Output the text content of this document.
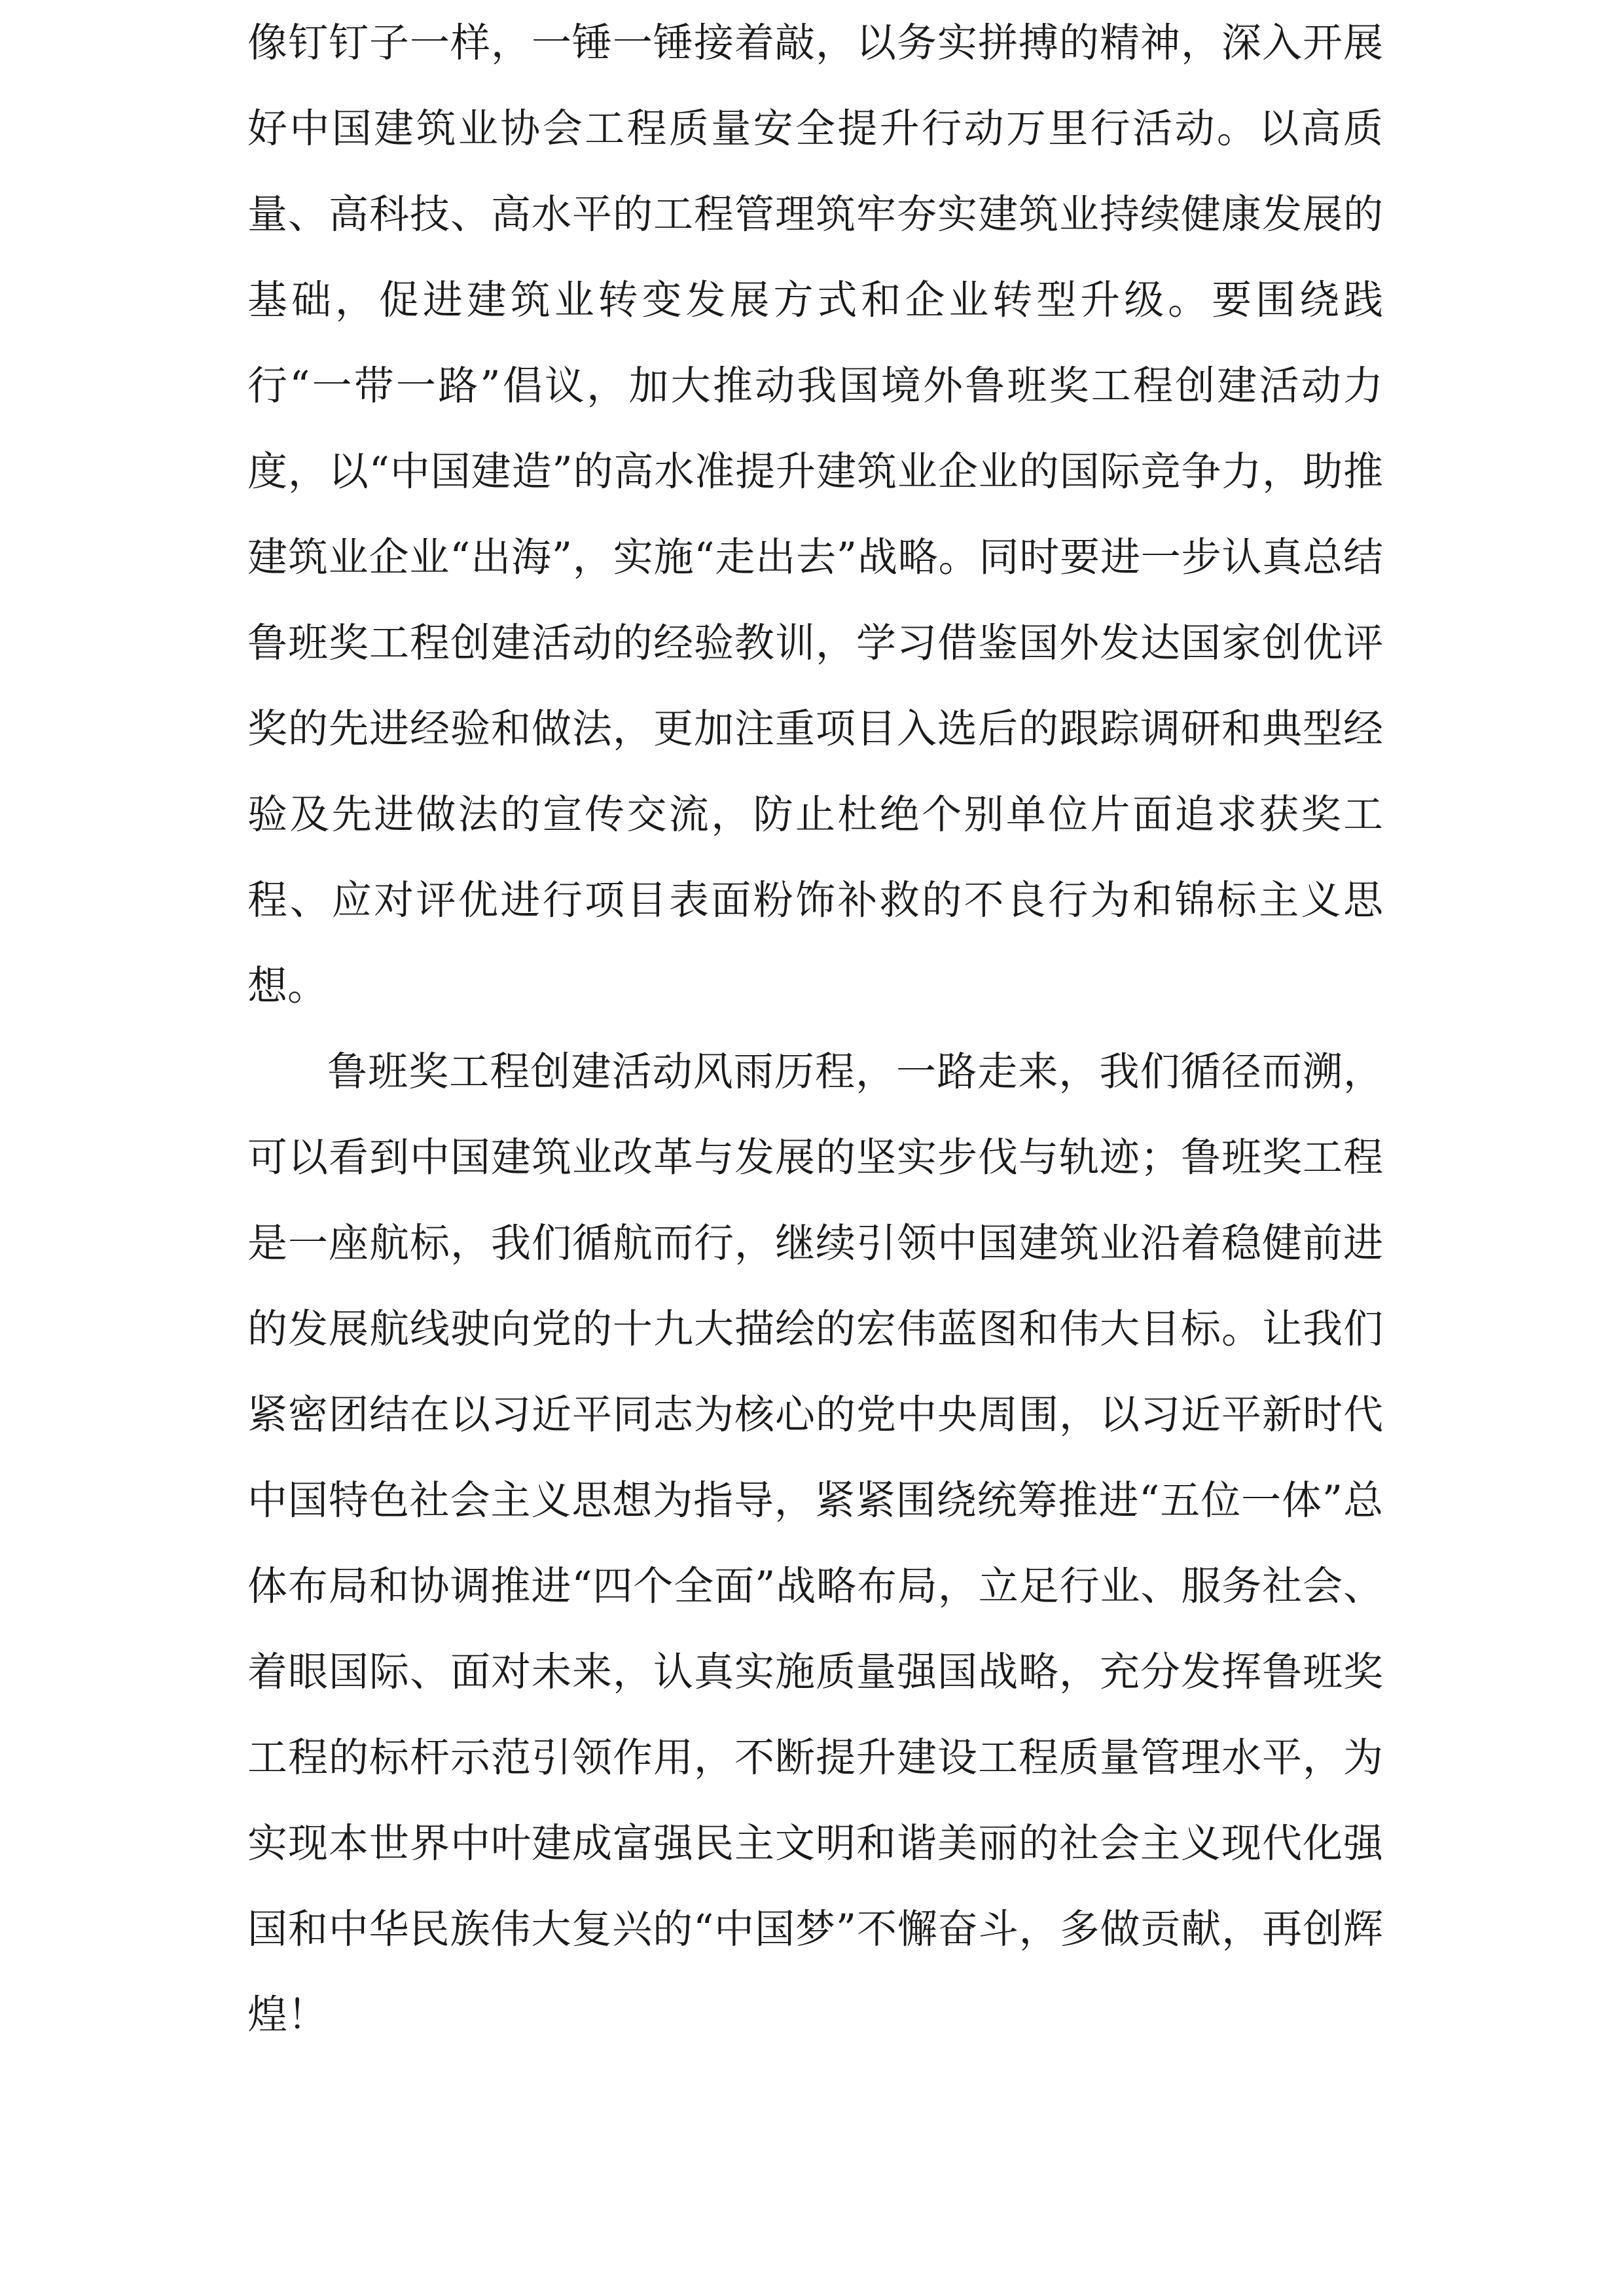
像钉钉子一样，一锤一锤接着敲，以务实拼搏的精神，深入开展好中国建筑业协会工程质量安全提升行动万里行活动。以高质量、高科技、高水平的工程管理筑牢夯实建筑业持续健康发展的基础，促进建筑业转变发展方式和企业转型升级。要围绕践行“一带一路”倡议，加大推动我国境外鲁班奖工程创建活动力度，以“中国建造”的高水准提升建筑业企业的国际竞争力，助推建筑业企业“出海”，实施“走出去”战略。同时要进一步认真总结鲁班奖工程创建活动的经验教训，学习借鉴国外发达国家创优评奖的先进经验和做法，更加注重项目入选后的跟踪调研和典型经验及先进做法的宣传交流，防止杜绝个别单位片面追求获奖工程、应对评优进行项目表面粉饰补救的不良行为和锦标主义思想。

鲁班奖工程创建活动风雨历程，一路走来，我们循径而溯，可以看到中国建筑业改革与发展的坚实步伐与轨迹；鲁班奖工程是一座航标，我们循航而行，继续引领中国建筑业沿着稳健前进的发展航线驶向党的十九大描绘的宏伟蓝图和伟大目标。让我们紧密团结在以习近平同志为核心的党中央周围，以习近平新时代中国特色社会主义思想为指导，紧紧围绕统筹推进“五位一体”总体布局和协调推进“四个全面”战略布局，立足行业、服务社会、着眼国际、面对未来，认真实施质量强国战略，充分发挥鲁班奖工程的标杆示范引领作用，不断提升建设工程质量管理水平，为实现本世界中叶建成富强民主文明和谐美丽的社会主义现代化强国和中华民族伟大复兴的“中国梦”不懈奋斗，多做贡献，再创辉煌！
